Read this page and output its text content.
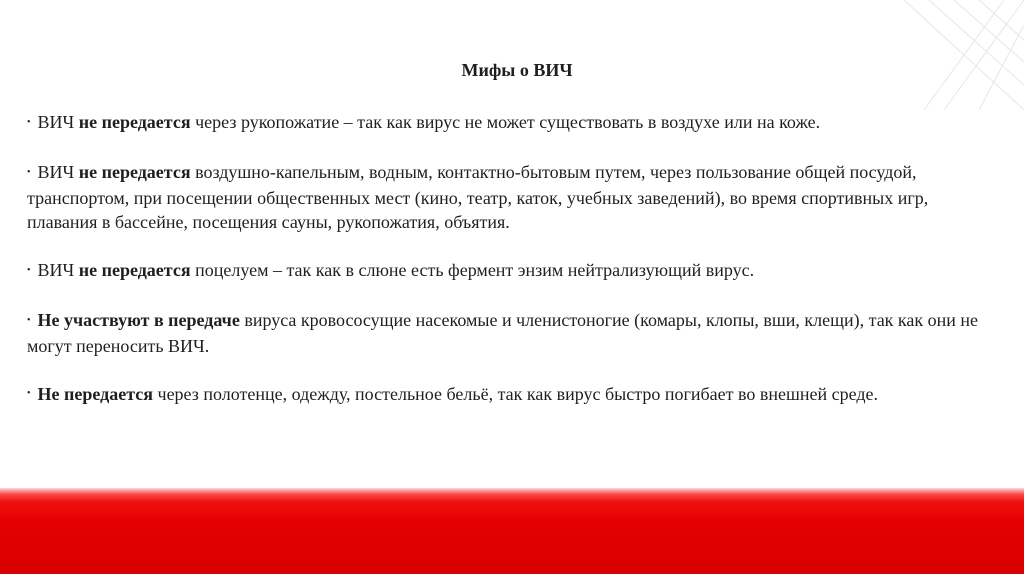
Мифы о ВИЧ
• ВИЧ не передается через рукопожатие – так как вирус не может существовать в воздухе или на коже.
• ВИЧ не передается воздушно-капельным, водным, контактно-бытовым путем, через пользование общей посудой, транспортом, при посещении общественных мест (кино, театр, каток, учебных заведений), во время спортивных игр, плавания в бассейне, посещения сауны, рукопожатия, объятия.
• ВИЧ не передается поцелуем – так как в слюне есть фермент энзим нейтрализующий вирус.
• Не участвуют в передаче вируса кровососущие насекомые и членистоногие (комары, клопы, вши, клещи), так как они не могут переносить ВИЧ.
• Не передается через полотенце, одежду, постельное бельё, так как вирус быстро погибает во внешней среде.
